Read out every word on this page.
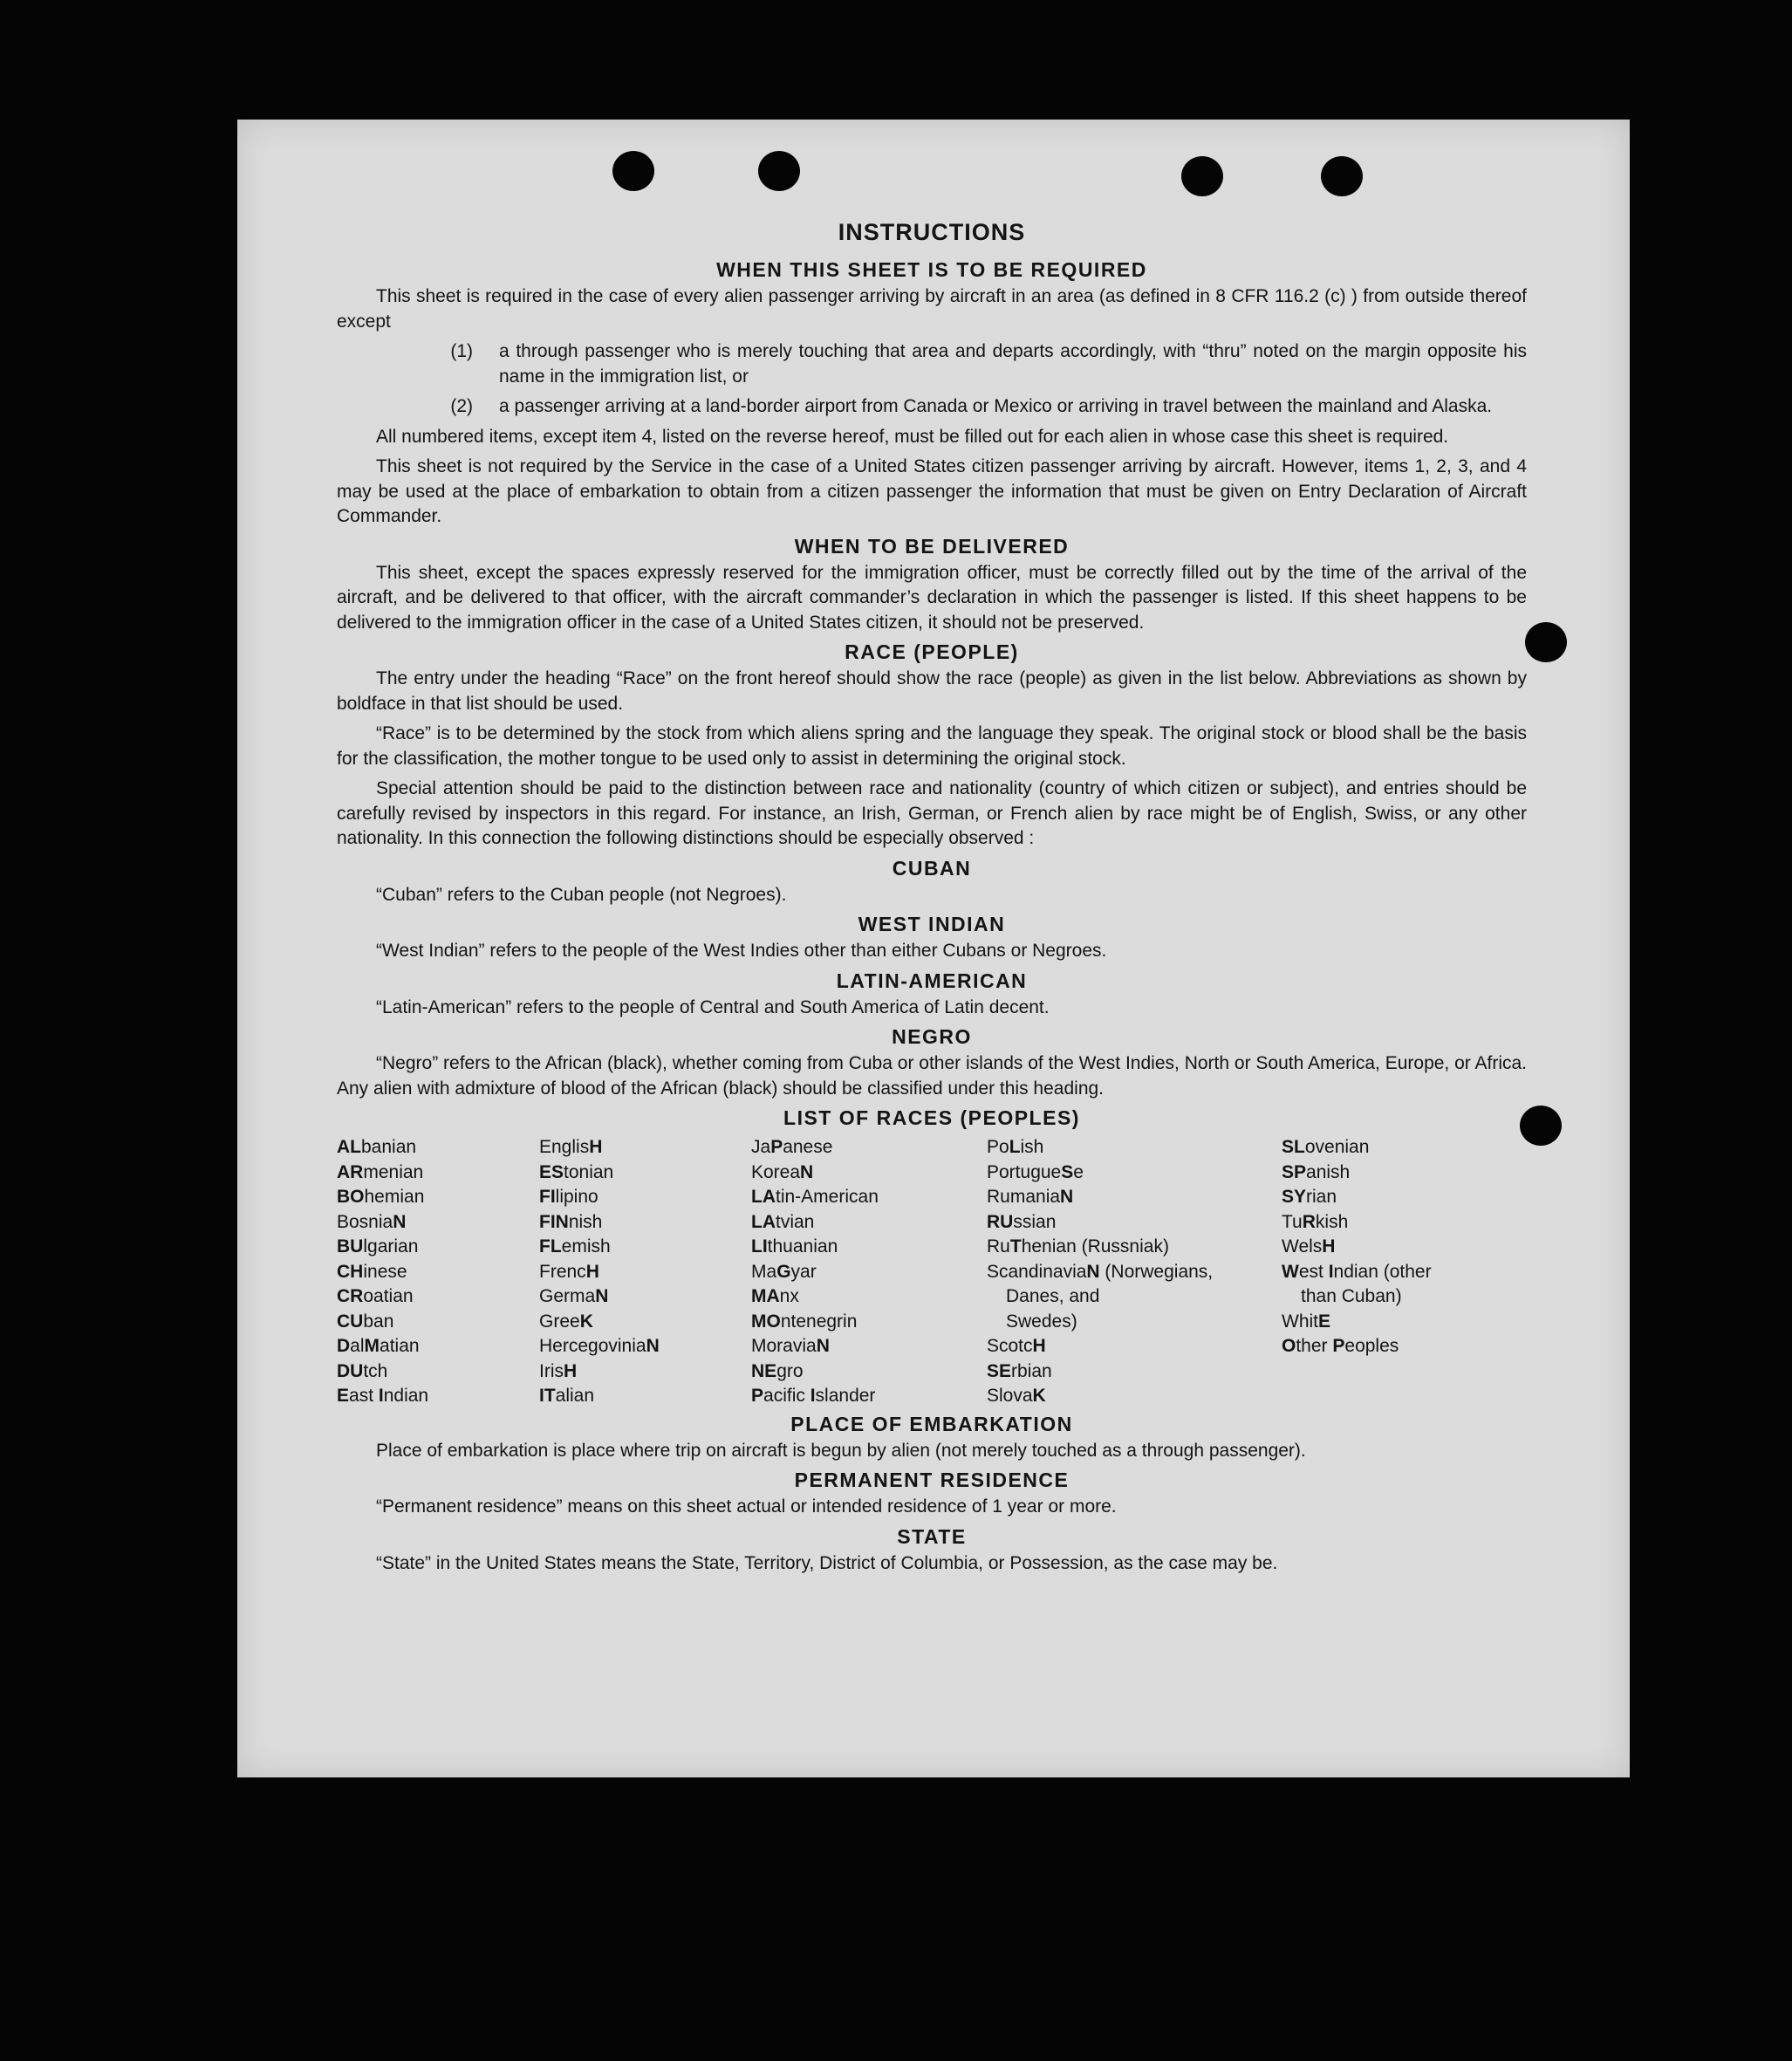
INSTRUCTIONS
WHEN THIS SHEET IS TO BE REQUIRED

This sheet is required in the case of every alien passenger arriving by aircraft in an area (as defined in 8 CFR 116.2 (c) ) from outside thereof except

(1)	a through passenger who is merely touching that area and departs accordingly, with “thru” noted on the margin opposite his name in the immigration list, or
(2)	a passenger arriving at a land-border airport from Canada or Mexico or arriving in travel between the mainland and Alaska.

All numbered items, except item 4, listed on the reverse hereof, must be filled out for each alien in whose case this sheet is required.

This sheet is not required by the Service in the case of a United States citizen passenger arriving by aircraft. However, items 1, 2, 3, and 4 may be used at the place of embarkation to obtain from a citizen passenger the information that must be given on Entry Declaration of Aircraft Commander.

WHEN TO BE DELIVERED

This sheet, except the spaces expressly reserved for the immigration officer, must be correctly filled out by the time of the arrival of the aircraft, and be delivered to that officer, with the aircraft commander’s declaration in which the passenger is listed. If this sheet happens to be delivered to the immigration officer in the case of a United States citizen, it should not be preserved.

RACE (PEOPLE)

The entry under the heading “Race” on the front hereof should show the race (people) as given in the list below. Abbreviations as shown by boldface in that list should be used.

“Race” is to be determined by the stock from which aliens spring and the language they speak. The original stock or blood shall be the basis for the classification, the mother tongue to be used only to assist in determining the original stock.

Special attention should be paid to the distinction between race and nationality (country of which citizen or subject), and entries should be carefully revised by inspectors in this regard. For instance, an Irish, German, or French alien by race might be of English, Swiss, or any other nationality. In this connection the following distinctions should be especially observed :

CUBAN

“Cuban” refers to the Cuban people (not Negroes).

WEST INDIAN

“West Indian” refers to the people of the West Indies other than either Cubans or Negroes.

LATIN-AMERICAN

“Latin-American” refers to the people of Central and South America of Latin decent.

NEGRO

“Negro” refers to the African (black), whether coming from Cuba or other islands of the West Indies, North or South America, Europe, or Africa. Any alien with admixture of blood of the African (black) should be classified under this heading.

LIST OF RACES (PEOPLES)
ALbanian
ARmenian
BOhemian
BosniaN
BUlgarian
CHinese
CRoatian
CUban
DalMatian
DUtch
East Indian
EnglisH
EStonian
FIlipino
FINnish
FLemish
FrencH
GermaN
GreeK
HercegoviniaN
IrisH
ITalian
JaPanese
KoreaN
LAtin-American
LAtvian
LIthuanian
MaGyar
MAnx
MOntenegrin
MoraviaN
NEgro
Pacific Islander
PoLish
PortugueSe
RumaniaN
RUssian
RuThenian (Russniak)
ScandinaviaN (Norwegians,
Danes, and
Swedes)
ScotcH
SErbian
SlovaK
SLovenian
SPanish
SYrian
TuRkish
WelsH
West Indian (other
than Cuban)
WhitE
Other Peoples
PLACE OF EMBARKATION

Place of embarkation is place where trip on aircraft is begun by alien (not merely touched as a through passenger).

PERMANENT RESIDENCE

“Permanent residence” means on this sheet actual or intended residence of 1 year or more.

STATE

“State” in the United States means the State, Territory, District of Columbia, or Possession, as the case may be.
